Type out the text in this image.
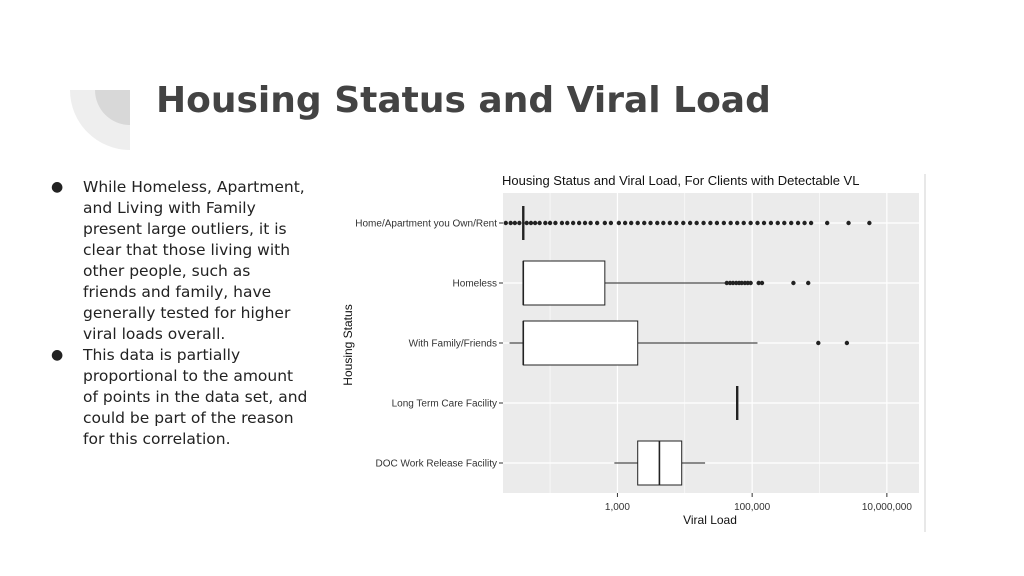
Housing Status and Viral Load
● While Homeless, Apartment, and Living with Family present large outliers, it is clear that those living with other people, such as friends and family, have generally tested for higher viral loads overall.
● This data is partially proportional to the amount of points in the data set, and could be part of the reason for this correlation.
1,000	100,000	10,000,000
Home/Apartment you Own/Rent
Homeless
With Family/Friends
Long Term Care Facility
DOC Work Release Facility
Housing Status and Viral Load, For Clients with Detectable VL
Viral Load
Housing Status
